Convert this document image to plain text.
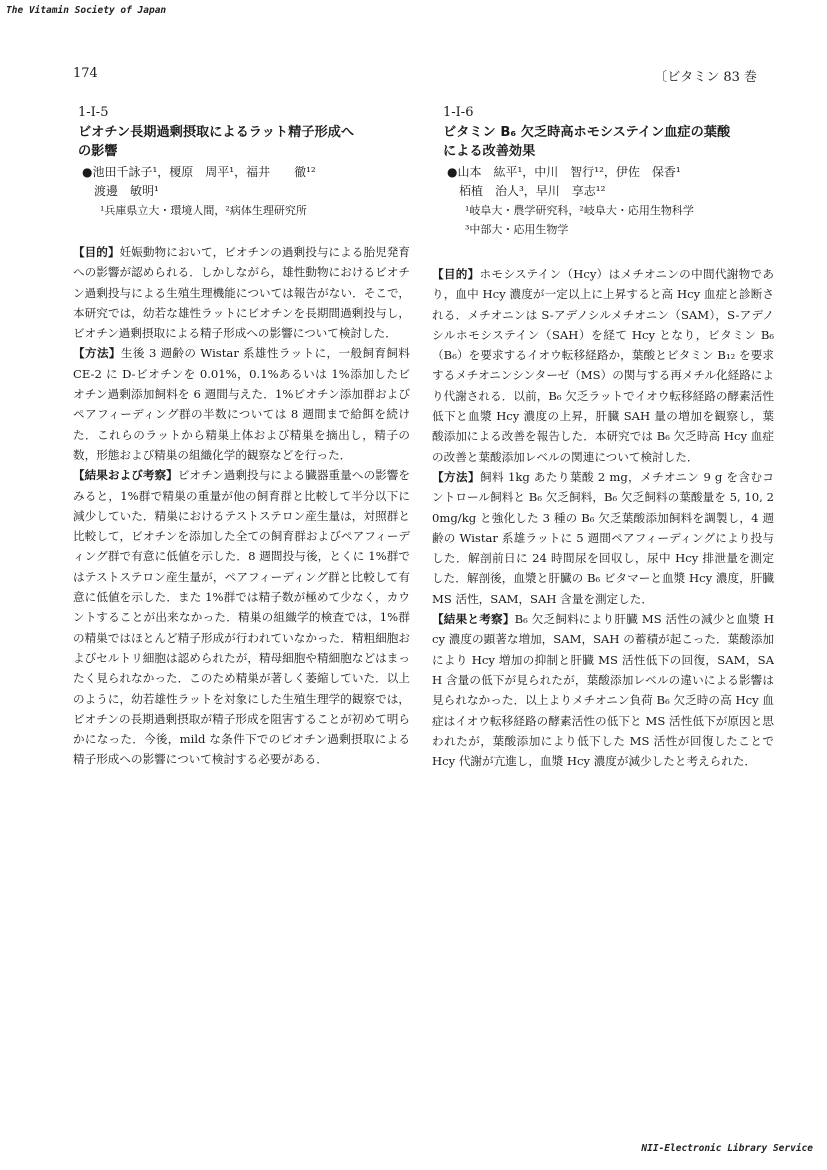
The Vitamin Society of Japan
174	〔ビタミン 83 巻
1-Ⅰ-5
ビオチン長期過剰摂取によるラット精子形成へ
の影響
●池田千詠子¹，榎原　周平¹，福井　　徹¹²
　渡邊　敏明¹
¹兵庫県立大・環境人間，²病体生理研究所
1-Ⅰ-6
ビタミン B₆ 欠乏時高ホモシステイン血症の葉酸
による改善効果
●山本　紘平¹，中川　智行¹²，伊佐　保香¹
　栢植　治人³，早川　享志¹²
¹岐阜大・農学研究科，²岐阜大・応用生物科学
³中部大・応用生物学

【目的】妊娠動物において，ビオチンの過剰投与による胎児発育への影響が認められる．しかしながら，雄性動物におけるビオチン過剰投与による生殖生理機能については報告がない．そこで，本研究では，幼若な雄性ラットにビオチンを長期間過剰投与し，ビオチン過剰摂取による精子形成への影響について検討した．

【方法】生後 3 週齢の Wistar 系雄性ラットに，一般飼育飼料 CE-2 に D-ビオチンを 0.01%，0.1%あるいは 1%添加したビオチン過剰添加飼料を 6 週間与えた．1%ビオチン添加群およびペアフィーディング群の半数については 8 週間まで給餌を続けた．これらのラットから精巣上体および精巣を摘出し，精子の数，形態および精巣の組織化学的観察などを行った．

【結果および考察】ビオチン過剰投与による臓器重量への影響をみると，1%群で精巣の重量が他の飼育群と比較して半分以下に減少していた．精巣におけるテストステロン産生量は，対照群と比較して，ビオチンを添加した全ての飼育群およびペアフィーディング群で有意に低値を示した．8 週間投与後，とくに 1%群ではテストステロン産生量が，ペアフィーディング群と比較して有意に低値を示した．また 1%群では精子数が極めて少なく，カウントすることが出来なかった．精巣の組織学的検査では，1%群の精巣ではほとんど精子形成が行われていなかった．精粗細胞およびセルトリ細胞は認められたが，精母細胞や精細胞などはまったく見られなかった．このため精巣が著しく萎縮していた．以上のように，幼若雄性ラットを対象にした生殖生理学的観察では，ビオチンの長期過剰摂取が精子形成を阻害することが初めて明らかになった．今後，mild な条件下でのビオチン過剰摂取による精子形成への影響について検討する必要がある．

【目的】ホモシステイン（Hcy）はメチオニンの中間代謝物であり，血中 Hcy 濃度が一定以上に上昇すると高 Hcy 血症と診断される．メチオニンは S-アデノシルメチオニン（SAM），S-アデノシルホモシステイン（SAH）を経て Hcy となり，ビタミン B₆（B₆）を要求するイオウ転移経路か，葉酸とビタミン B₁₂ を要求するメチオニンシンターゼ（MS）の関与する再メチル化経路により代謝される．以前，B₆ 欠乏ラットでイオウ転移経路の酵素活性低下と血漿 Hcy 濃度の上昇，肝臓 SAH 量の増加を観察し，葉酸添加による改善を報告した．本研究では B₆ 欠乏時高 Hcy 血症の改善と葉酸添加レベルの関連について検討した．

【方法】飼料 1kg あたり葉酸 2 mg，メチオニン 9 g を含むコントロール飼料と B₆ 欠乏飼料，B₆ 欠乏飼料の葉酸量を 5, 10, 20mg/kg と強化した 3 種の B₆ 欠乏葉酸添加飼料を調製し，4 週齢の Wistar 系雄ラットに 5 週間ペアフィーディングにより投与した．解剖前日に 24 時間尿を回収し，尿中 Hcy 排泄量を測定した．解剖後，血漿と肝臓の B₆ ビタマーと血漿 Hcy 濃度，肝臓 MS 活性，SAM，SAH 含量を測定した．

【結果と考察】B₆ 欠乏飼料により肝臓 MS 活性の減少と血漿 Hcy 濃度の顕著な増加，SAM，SAH の蓄積が起こった．葉酸添加により Hcy 増加の抑制と肝臓 MS 活性低下の回復，SAM，SAH 含量の低下が見られたが，葉酸添加レベルの違いによる影響は見られなかった．以上よりメチオニン負荷 B₆ 欠乏時の高 Hcy 血症はイオウ転移経路の酵素活性の低下と MS 活性低下が原因と思われたが，葉酸添加により低下した MS 活性が回復したことで Hcy 代謝が亢進し，血漿 Hcy 濃度が減少したと考えられた．

NII-Electronic Library Service
